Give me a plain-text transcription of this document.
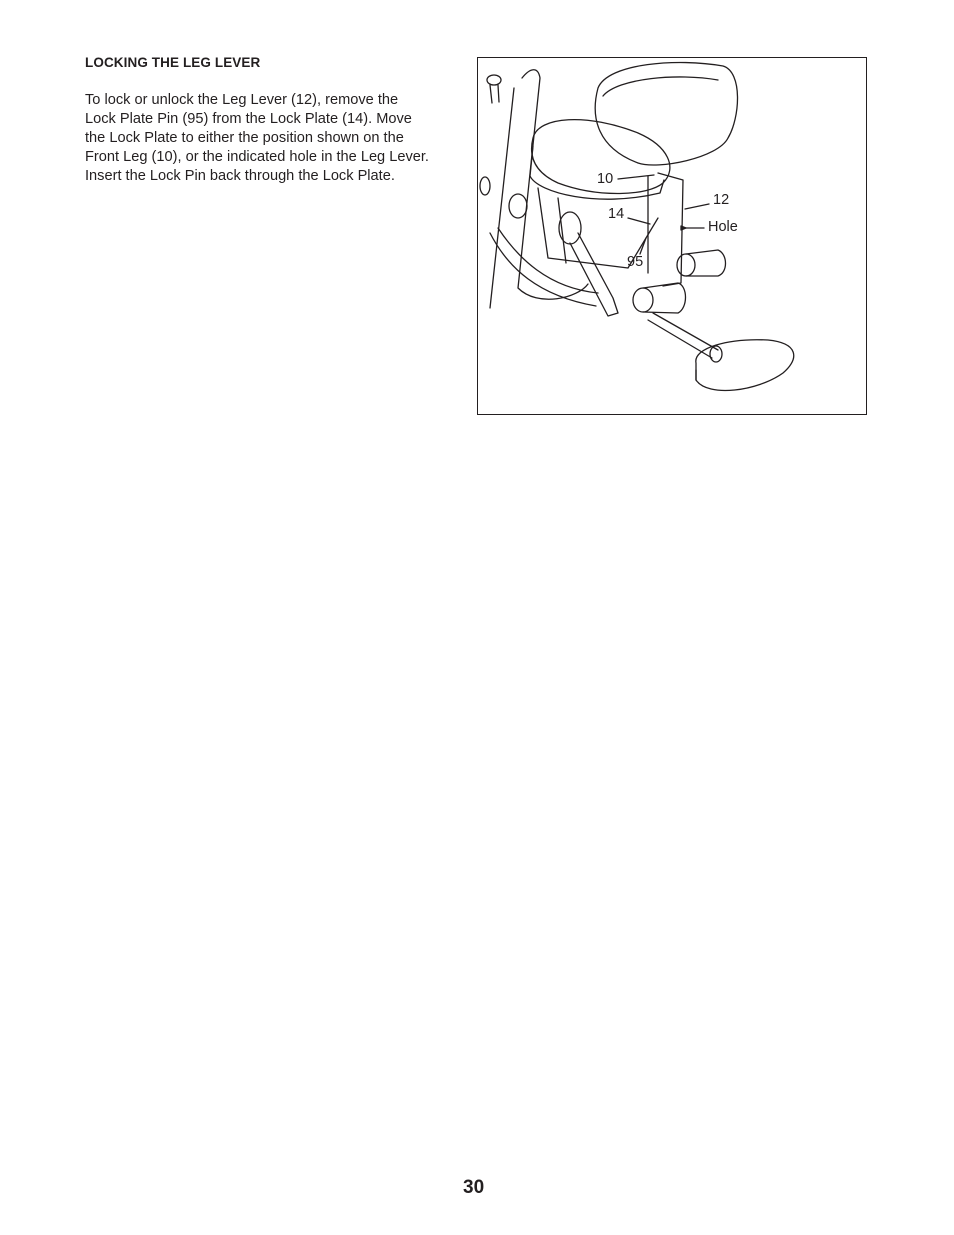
LOCKING THE LEG LEVER
To lock or unlock the Leg Lever (12), remove the
Lock Plate Pin (95) from the Lock Plate (14). Move
the Lock Plate to either the position shown on the
Front Leg (10), or the indicated hole in the Leg Lever.
Insert the Lock Pin back through the Lock Plate.	10
12
14
Hole
95
30
